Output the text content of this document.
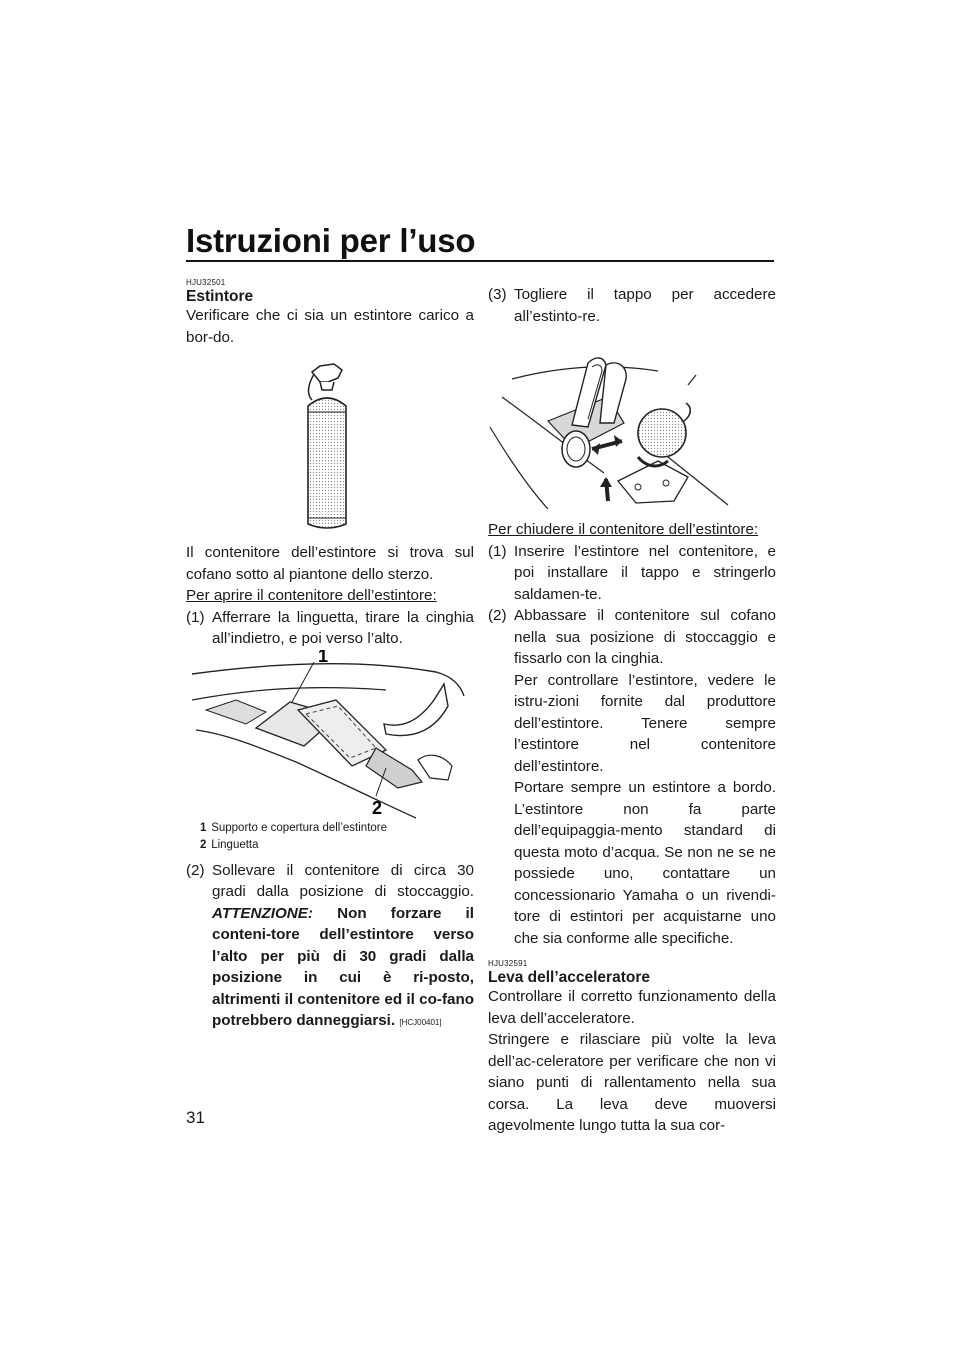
Istruzioni per l’uso
HJU32501
Estintore

Verificare che ci sia un estintore carico a bor-do.

Il contenitore dell’estintore si trova sul cofano sotto al piantone dello sterzo.

Per aprire il contenitore dell’estintore:

(1) Afferrare la linguetta, tirare la cinghia all’indietro, e poi verso l’alto.
1
2
1 Supporto e copertura dell’estintore
2 Linguetta
(2) Sollevare il contenitore di circa 30 gradi dalla posizione di stoccaggio. ATTENZIONE: Non forzare il conteni-tore dell’estintore verso l’alto per più di 30 gradi dalla posizione in cui è ri-posto, altrimenti il contenitore ed il co-fano potrebbero danneggiarsi. [HCJ00401]
(3) Togliere il tappo per accedere all’estinto-re.

Per chiudere il contenitore dell’estintore:

(1) Inserire l’estintore nel contenitore, e poi installare il tappo e stringerlo saldamen-te.
(2) Abbassare il contenitore sul cofano nella sua posizione di stoccaggio e fissarlo con la cinghia.

Per controllare l’estintore, vedere le istru-zioni fornite dal produttore dell’estintore. Tenere sempre l’estintore nel contenitore dell’estintore.

Portare sempre un estintore a bordo. L’estintore non fa parte dell’equipaggia-mento standard di questa moto d’acqua. Se non ne se ne possiede uno, contattare un concessionario Yamaha o un rivendi-tore di estintori per acquistarne uno che sia conforme alle specifiche.

HJU32591
Leva dell’acceleratore

Controllare il corretto funzionamento della leva dell’acceleratore.

Stringere e rilasciare più volte la leva dell’ac-celeratore per verificare che non vi siano punti di rallentamento nella sua corsa. La leva deve muoversi agevolmente lungo tutta la sua cor-

31
